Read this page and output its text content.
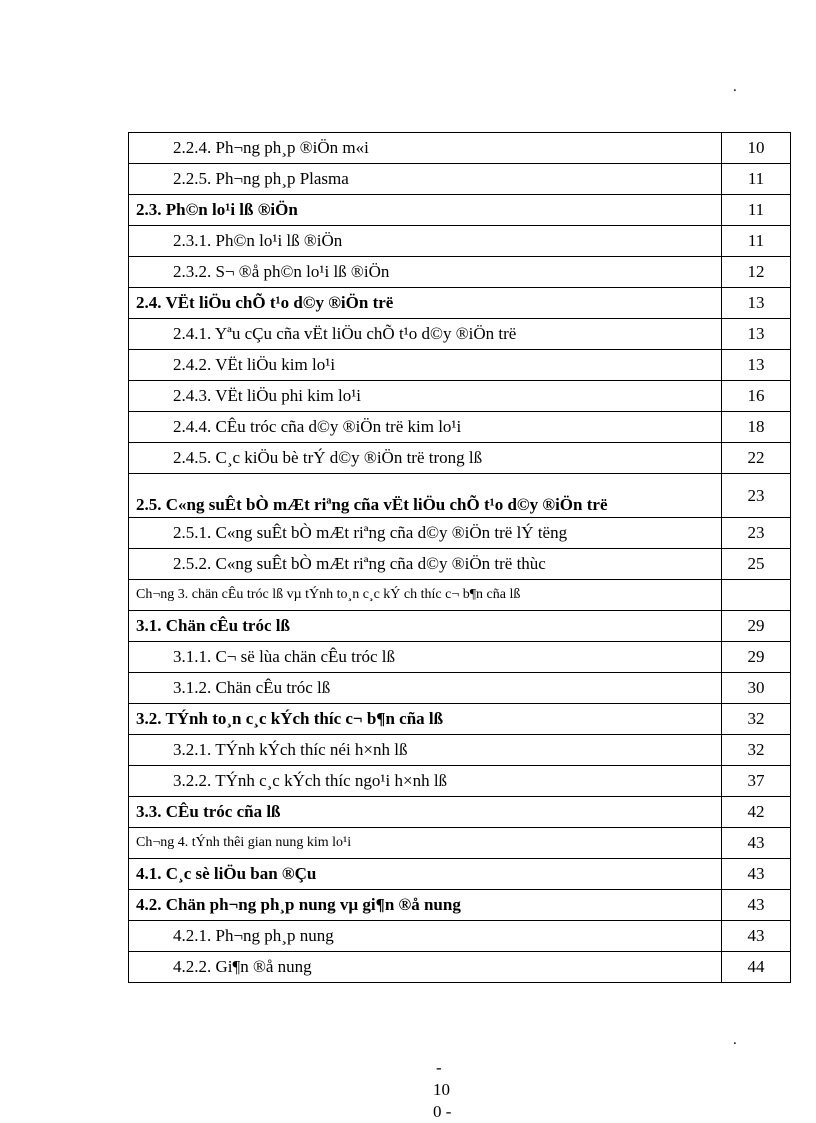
.
2.2.4. Ph¬ng ph¸p ®iÖn m«i	10
2.2.5. Ph¬ng ph¸p Plasma	11
2.3. Ph©n lo¹i lß ®iÖn	11
2.3.1. Ph©n lo¹i lß ®iÖn	11
2.3.2. S¬ ®å ph©n lo¹i lß ®iÖn	12
2.4. VËt liÖu chÕ t¹o d©y ®iÖn trë	13
2.4.1. Yªu cÇu cña vËt liÖu chÕ t¹o d©y ®iÖn trë	13
2.4.2. VËt liÖu kim lo¹i	13
2.4.3. VËt liÖu phi kim lo¹i	16
2.4.4. CÊu tróc cña d©y ®iÖn trë kim lo¹i	18
2.4.5. C¸c kiÖu bè trÝ d©y ®iÖn trë trong lß	22
2.5. C«ng suÊt bÒ mÆt riªng cña vËt liÖu chÕ t¹o d©y ®iÖn trë	23
2.5.1. C«ng suÊt bÒ mÆt riªng cña d©y ®iÖn trë lÝ tëng	23
2.5.2. C«ng suÊt bÒ mÆt riªng cña d©y ®iÖn trë thùc	25
Ch¬ng 3. chän cÊu tróc lß vµ tÝnh to¸n c¸c kÝ ch thíc c¬ b¶n cña lß	
3.1. Chän cÊu tróc lß	29
3.1.1. C¬ së lùa chän cÊu tróc lß	29
3.1.2. Chän cÊu tróc lß	30
3.2. TÝnh to¸n c¸c kÝch thíc c¬ b¶n cña lß	32
3.2.1. TÝnh kÝch thíc néi h×nh lß	32
3.2.2. TÝnh c¸c kÝch thíc ngo¹i h×nh lß	37
3.3. CÊu tróc cña lß	42
Ch¬ng 4. tÝnh thêi gian nung kim lo¹i	43
4.1. C¸c sè liÖu ban ®Çu	43
4.2. Chän ph¬ng ph¸p nung vµ gi¶n ®å nung	43
4.2.1. Ph¬ng ph¸p nung	43
4.2.2. Gi¶n ®å nung	44
.
-
10
0 -
